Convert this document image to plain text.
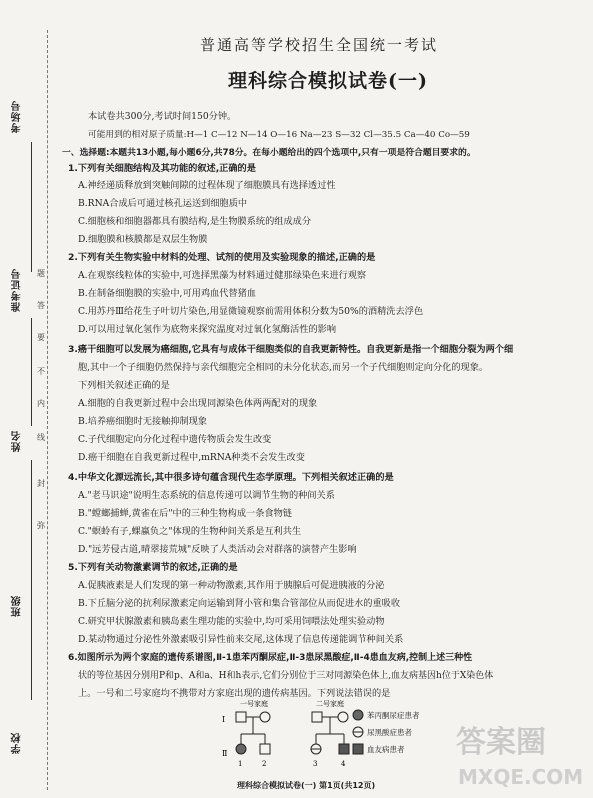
考场号
准考证号
姓名
班级
学校
弥
封
线
内
不
要
答
题
普通高等学校招生全国统一考试
理科综合模拟试卷(一)
本试卷共300分,考试时间150分钟。
可能用到的相对原子质量:H—1 C—12 N—14 O—16 Na—23 S—32 Cl—35.5 Ca—40 Co—59
一、选择题:本题共13小题,每小题6分,共78分。在每小题给出的四个选项中,只有一项是符合题目要求的。
1.下列有关细胞结构及其功能的叙述,正确的是
A.神经递质释放到突触间隙的过程体现了细胞膜具有选择透过性
B.RNA合成后可通过核孔运送到细胞质中
C.细胞核和细胞器都具有膜结构,是生物膜系统的组成成分
D.细胞膜和核膜都是双层生物膜
2.下列有关生物实验中材料的处理、试剂的使用及实验现象的描述,正确的是
A.在观察线粒体的实验中,可选择黑藻为材料通过健那绿染色来进行观察
B.在制备细胞膜的实验中,可用鸡血代替猪血
C.用苏丹Ⅲ给花生子叶切片染色,用显微镜观察前需用体积分数为50%的酒精洗去浮色
D.可以用过氧化氢作为底物来探究温度对过氧化氢酶活性的影响
3.癌干细胞可以发展为癌细胞,它具有与成体干细胞类似的自我更新特性。自我更新是指一个细胞分裂为两个细
胞,其中一个子细胞仍然保持与亲代细胞完全相同的未分化状态,而另一个子代细胞则定向分化的现象。
下列相关叙述正确的是
A.细胞的自我更新过程中会出现同源染色体两两配对的现象
B.培养癌细胞时无接触抑制现象
C.子代细胞定向分化过程中遗传物质会发生改变
D.癌干细胞在自我更新过程中,mRNA种类不会发生改变
4.中华文化源远流长,其中很多诗句蕴含现代生态学原理。下列相关叙述正确的是
A."老马识途"说明生态系统的信息传递可以调节生物的种间关系
B."螳螂捕蝉,黄雀在后"中的三种生物构成一条食物链
C."螟蛉有子,蜾蠃负之"体现的生物种间关系是互利共生
D."远芳侵古道,晴翠接荒城"反映了人类活动会对群落的演替产生影响
5.下列有关动物激素调节的叙述,正确的是
A.促胰液素是人们发现的第一种动物激素,其作用于胰腺后可促进胰液的分泌
B.下丘脑分泌的抗利尿激素定向运输到肾小管和集合管部位从而促进水的重吸收
C.研究甲状腺激素和胰岛素生理功能的实验中,均可采用饲喂法处理实验动物
D.某动物通过分泌性外激素吸引异性前来交尾,这体现了信息传递能调节种间关系
6.如图所示为两个家庭的遗传系谱图,Ⅱ-1患苯丙酮尿症,Ⅱ-3患尿黑酸症,Ⅱ-4患血友病,控制上述三种性
状的等位基因分别用P和p、A和a、H和h表示,它们分别位于三对同源染色体上,血友病基因h位于X染色体
上。一号和二号家庭均不携带对方家庭出现的遗传病基因。下列说法错误的是
一号家庭	二号家庭
Ⅰ
Ⅱ
1	2	3	4
苯丙酮尿症患者
尿黑酸症患者
血友病患者 答案圈
MXQE.COM
理科综合模拟试卷(一) 第1页(共12页)
